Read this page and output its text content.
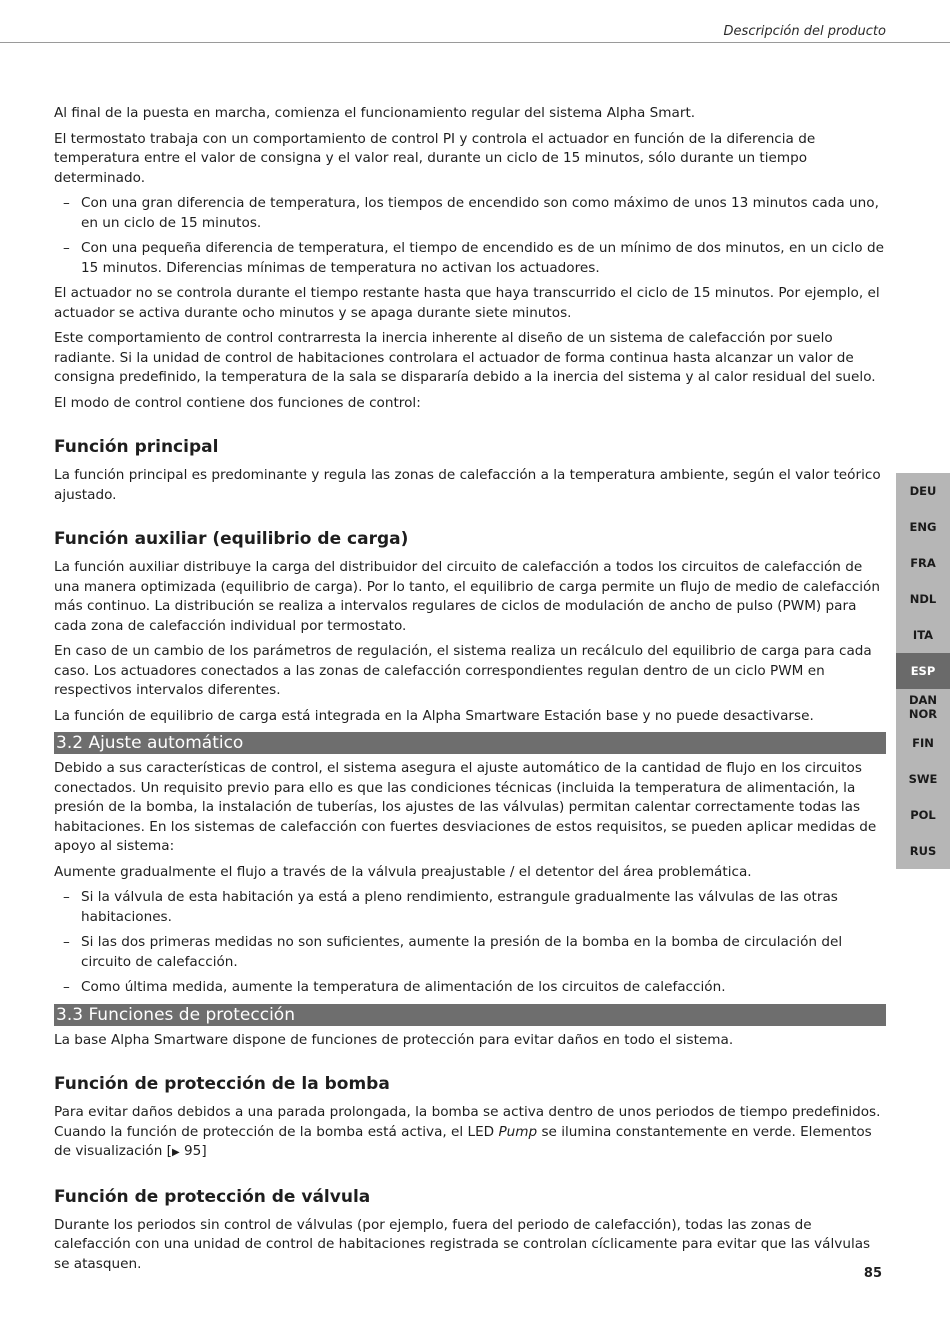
Descripción del producto

Al final de la puesta en marcha, comienza el funcionamiento regular del sistema Alpha Smart.

El termostato trabaja con un comportamiento de control PI y controla el actuador en función de la diferencia de temperatura entre el valor de consigna y el valor real, durante un ciclo de 15 minutos, sólo durante un tiempo determinado.

– Con una gran diferencia de temperatura, los tiempos de encendido son como máximo de unos 13 minutos cada uno, en un ciclo de 15 minutos.
– Con una pequeña diferencia de temperatura, el tiempo de encendido es de un mínimo de dos minutos, en un ciclo de 15 minutos. Diferencias mínimas de temperatura no activan los actuadores.

El actuador no se controla durante el tiempo restante hasta que haya transcurrido el ciclo de 15 minutos. Por ejemplo, el actuador se activa durante ocho minutos y se apaga durante siete minutos.

Este comportamiento de control contrarresta la inercia inherente al diseño de un sistema de calefacción por suelo radiante. Si la unidad de control de habitaciones controlara el actuador de forma continua hasta alcanzar un valor de consigna predefinido, la temperatura de la sala se dispararía debido a la inercia del sistema y al calor residual del suelo.

El modo de control contiene dos funciones de control:

Función principal

La función principal es predominante y regula las zonas de calefacción a la temperatura ambiente, según el valor teórico ajustado.

Función auxiliar (equilibrio de carga)

La función auxiliar distribuye la carga del distribuidor del circuito de calefacción a todos los circuitos de calefacción de una manera optimizada (equilibrio de carga). Por lo tanto, el equilibrio de carga permite un flujo de medio de calefacción más continuo. La distribución se realiza a intervalos regulares de ciclos de modulación de ancho de pulso (PWM) para cada zona de calefacción individual por termostato.

En caso de un cambio de los parámetros de regulación, el sistema realiza un recálculo del equilibrio de carga para cada caso. Los actuadores conectados a las zonas de calefacción correspondientes regulan dentro de un ciclo PWM en respectivos intervalos diferentes.

La función de equilibrio de carga está integrada en la Alpha Smartware Estación base y no puede desactivarse.

3.2 Ajuste automático

Debido a sus características de control, el sistema asegura el ajuste automático de la cantidad de flujo en los circuitos conectados. Un requisito previo para ello es que las condiciones técnicas (incluida la temperatura de alimentación, la presión de la bomba, la instalación de tuberías, los ajustes de las válvulas) permitan calentar correctamente todas las habitaciones. En los sistemas de calefacción con fuertes desviaciones de estos requisitos, se pueden aplicar medidas de apoyo al sistema:

Aumente gradualmente el flujo a través de la válvula preajustable / el detentor del área problemática.

– Si la válvula de esta habitación ya está a pleno rendimiento, estrangule gradualmente las válvulas de las otras habitaciones.
– Si las dos primeras medidas no son suficientes, aumente la presión de la bomba en la bomba de circulación del circuito de calefacción.
– Como última medida, aumente la temperatura de alimentación de los circuitos de calefacción.
3.3 Funciones de protección

La base Alpha Smartware dispone de funciones de protección para evitar daños en todo el sistema.

Función de protección de la bomba

Para evitar daños debidos a una parada prolongada, la bomba se activa dentro de unos periodos de tiempo predefinidos. Cuando la función de protección de la bomba está activa, el LED Pump se ilumina constantemente en verde. Elementos de visualización [▶ 95]

Función de protección de válvula

Durante los periodos sin control de válvulas (por ejemplo, fuera del periodo de calefacción), todas las zonas de calefacción con una unidad de control de habitaciones registrada se controlan cíclicamente para evitar que las válvulas se atasquen.

DEU
ENG
FRA
NDL
ITA
ESP
DAN
NOR
FIN
SWE
POL
RUS
85
